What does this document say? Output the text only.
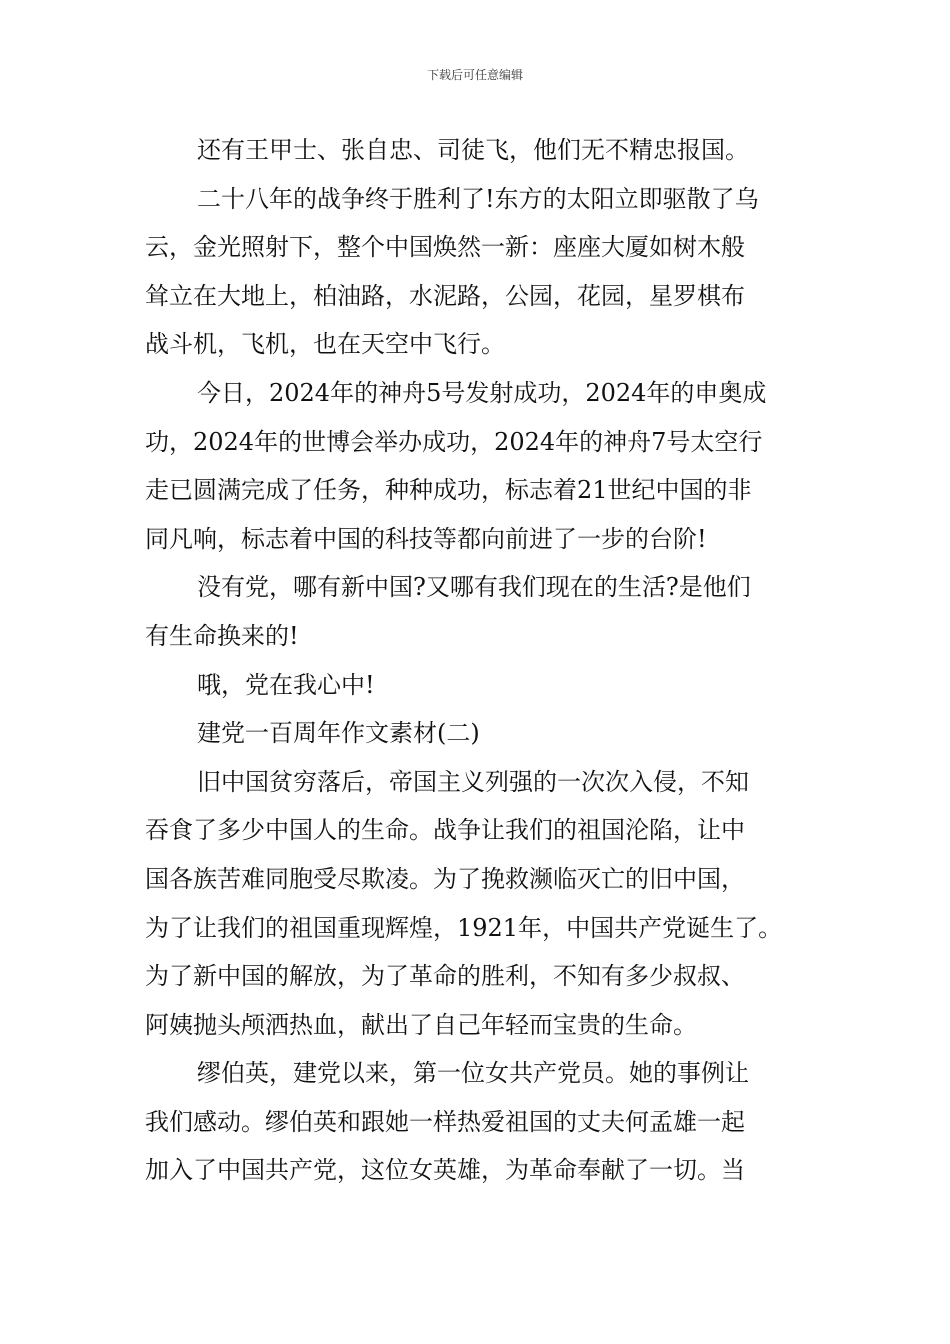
下载后可任意编辑
还有王甲士、张自忠、司徒飞，他们无不精忠报国。
二十八年的战争终于胜利了!东方的太阳立即驱散了乌
云，金光照射下，整个中国焕然一新：座座大厦如树木般
耸立在大地上，柏油路，水泥路，公园，花园，星罗棋布
战斗机，飞机，也在天空中飞行。
今日，2024年的神舟5号发射成功，2024年的申奥成
功，2024年的世博会举办成功，2024年的神舟7号太空行
走已圆满完成了任务，种种成功，标志着21世纪中国的非
同凡响，标志着中国的科技等都向前进了一步的台阶!
没有党，哪有新中国?又哪有我们现在的生活?是他们
有生命换来的!
哦，党在我心中!
建党一百周年作文素材(二)
旧中国贫穷落后，帝国主义列强的一次次入侵，不知
吞食了多少中国人的生命。战争让我们的祖国沦陷，让中
国各族苦难同胞受尽欺凌。为了挽救濒临灭亡的旧中国，
为了让我们的祖国重现辉煌，1921年，中国共产党诞生了。
为了新中国的解放，为了革命的胜利，不知有多少叔叔、
阿姨抛头颅洒热血，献出了自己年轻而宝贵的生命。
缪伯英，建党以来，第一位女共产党员。她的事例让
我们感动。缪伯英和跟她一样热爱祖国的丈夫何孟雄一起
加入了中国共产党，这位女英雄，为革命奉献了一切。当
